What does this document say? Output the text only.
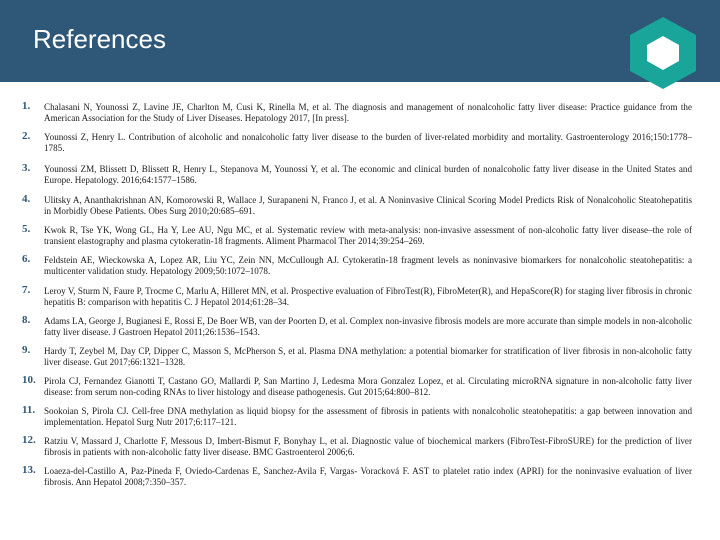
References
1.	Chalasani N, Younossi Z, Lavine JE, Charlton M, Cusi K, Rinella M, et al. The diagnosis and management of nonalcoholic fatty liver disease: Practice guidance from the American Association for the Study of Liver Diseases. Hepatology 2017, [In press].
2.	Younossi Z, Henry L. Contribution of alcoholic and nonalcoholic fatty liver disease to the burden of liver-related morbidity and mortality. Gastroenterology 2016;150:1778–1785.
3.	Younossi ZM, Blissett D, Blissett R, Henry L, Stepanova M, Younossi Y, et al. The economic and clinical burden of nonalcoholic fatty liver disease in the United States and Europe. Hepatology. 2016;64:1577–1586.
4.	Ulitsky A, Ananthakrishnan AN, Komorowski R, Wallace J, Surapaneni N, Franco J, et al. A Noninvasive Clinical Scoring Model Predicts Risk of Nonalcoholic Steatohepatitis in Morbidly Obese Patients. Obes Surg 2010;20:685–691.
5.	Kwok R, Tse YK, Wong GL, Ha Y, Lee AU, Ngu MC, et al. Systematic review with meta-analysis: non-invasive assessment of non-alcoholic fatty liver disease–the role of transient elastography and plasma cytokeratin-18 fragments. Aliment Pharmacol Ther 2014;39:254–269.
6.	Feldstein AE, Wieckowska A, Lopez AR, Liu YC, Zein NN, McCullough AJ. Cytokeratin-18 fragment levels as noninvasive biomarkers for nonalcoholic steatohepatitis: a multicenter validation study. Hepatology 2009;50:1072–1078.
7.	Leroy V, Sturm N, Faure P, Trocme C, Marlu A, Hilleret MN, et al. Prospective evaluation of FibroTest(R), FibroMeter(R), and HepaScore(R) for staging liver fibrosis in chronic hepatitis B: comparison with hepatitis C. J Hepatol 2014;61:28–34.
8.	Adams LA, George J, Bugianesi E, Rossi E, De Boer WB, van der Poorten D, et al. Complex non-invasive fibrosis models are more accurate than simple models in non-alcoholic fatty liver disease. J Gastroen Hepatol 2011;26:1536–1543.
9.	Hardy T, Zeybel M, Day CP, Dipper C, Masson S, McPherson S, et al. Plasma DNA methylation: a potential biomarker for stratification of liver fibrosis in non-alcoholic fatty liver disease. Gut 2017;66:1321–1328.
10. Pirola CJ, Fernandez Gianotti T, Castano GO, Mallardi P, San Martino J, Ledesma Mora Gonzalez Lopez, et al. Circulating microRNA signature in non-alcoholic fatty liver disease: from serum non-coding RNAs to liver histology and disease pathogenesis. Gut 2015;64:800–812.
11. Sookoian S, Pirola CJ. Cell-free DNA methylation as liquid biopsy for the assessment of fibrosis in patients with nonalcoholic steatohepatitis: a gap between innovation and implementation. Hepatol Surg Nutr 2017;6:117–121.
12. Ratziu V, Massard J, Charlotte F, Messous D, Imbert-Bismut F, Bonyhay L, et al. Diagnostic value of biochemical markers (FibroTest-FibroSURE) for the prediction of liver fibrosis in patients with non-alcoholic fatty liver disease. BMC Gastroenterol 2006;6.
13. Loaeza-del-Castillo A, Paz-Pineda F, Oviedo-Cardenas E, Sanchez-Avila F, Vargas- Voracková F. AST to platelet ratio index (APRI) for the noninvasive evaluation of liver fibrosis. Ann Hepatol 2008;7:350–357.
